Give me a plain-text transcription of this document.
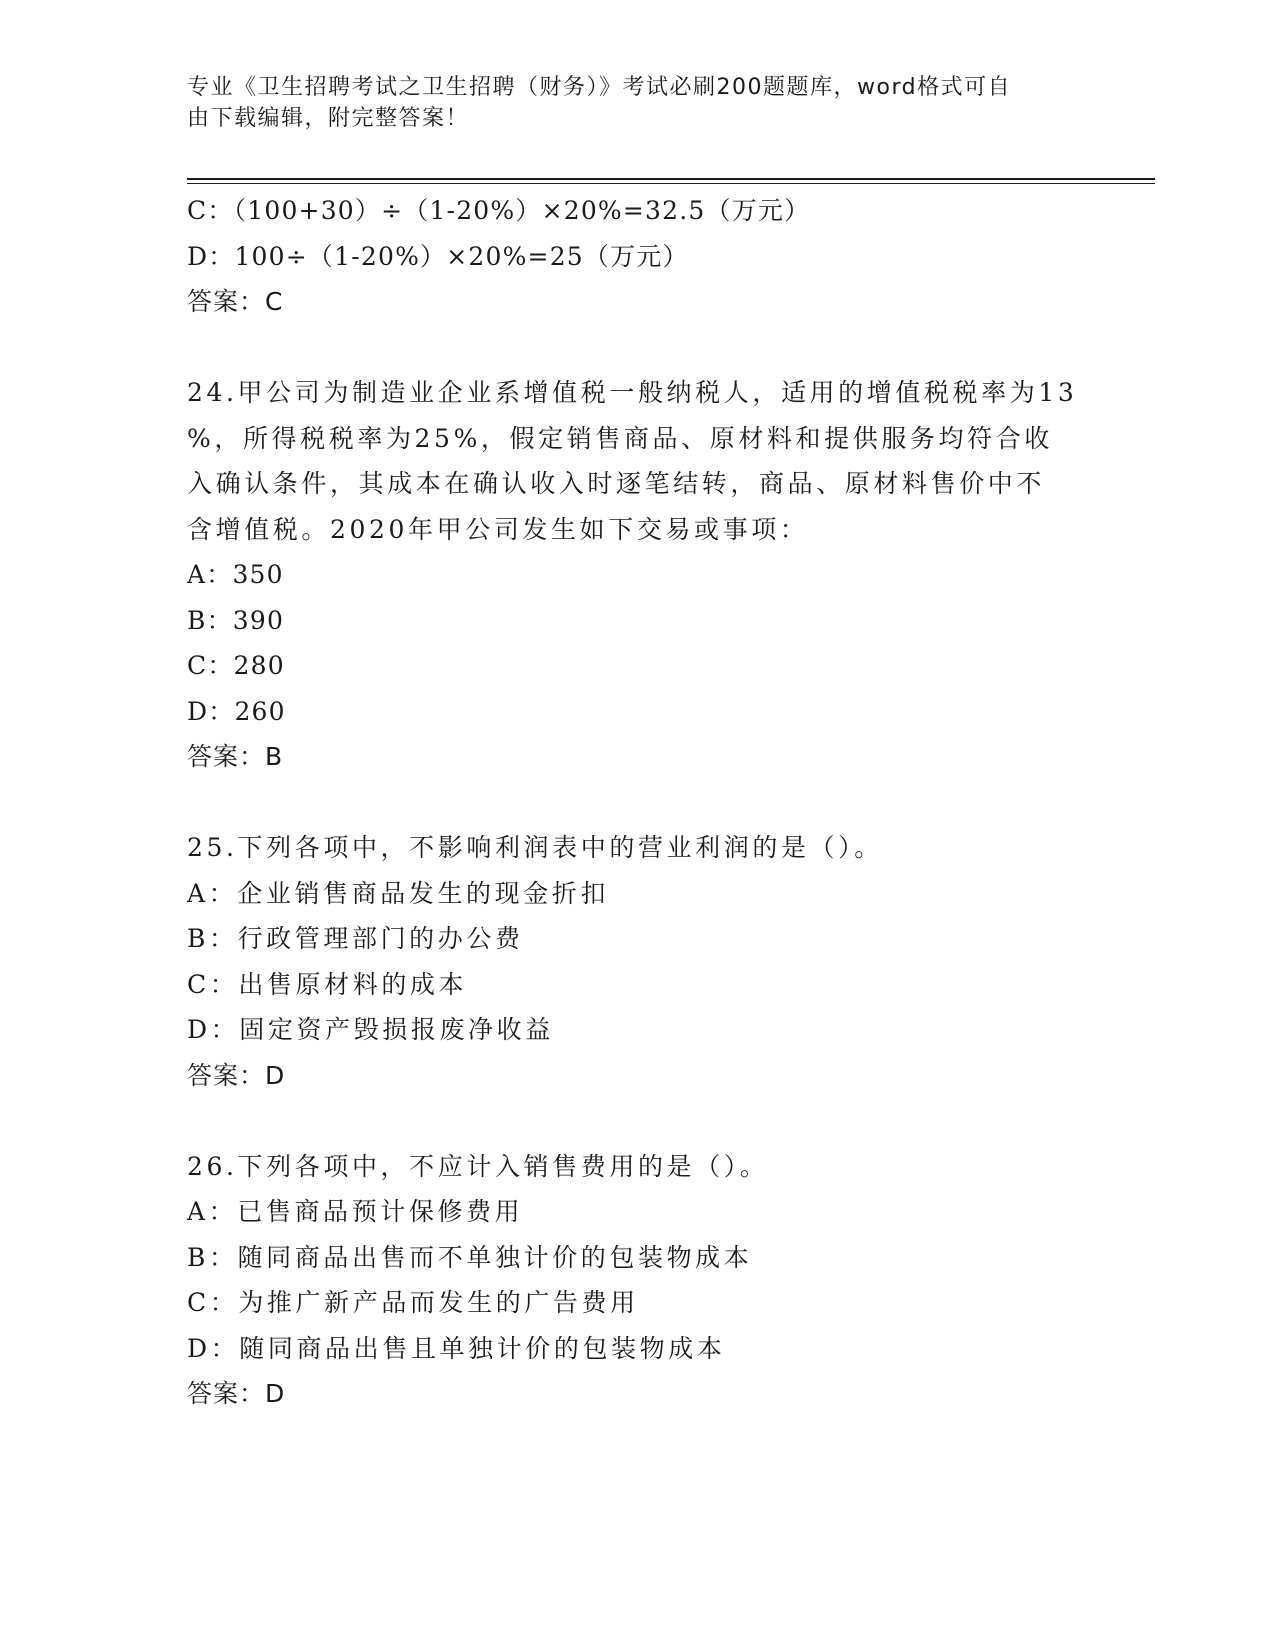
专业《卫生招聘考试之卫生招聘（财务）》考试必刷200题题库，word格式可自
由下载编辑，附完整答案！
C：（100+30）÷（1-20%）×20%=32.5（万元）
D：100÷（1-20%）×20%=25（万元）
答案：C
24.甲公司为制造业企业系增值税一般纳税人，适用的增值税税率为13
%，所得税税率为25%，假定销售商品、原材料和提供服务均符合收
入确认条件，其成本在确认收入时逐笔结转，商品、原材料售价中不
含增值税。2020年甲公司发生如下交易或事项：
A：350
B：390
C：280
D：260
答案：B
25.下列各项中，不影响利润表中的营业利润的是（）。
A：企业销售商品发生的现金折扣
B：行政管理部门的办公费
C：出售原材料的成本
D：固定资产毁损报废净收益
答案：D
26.下列各项中，不应计入销售费用的是（）。
A：已售商品预计保修费用
B：随同商品出售而不单独计价的包装物成本
C：为推广新产品而发生的广告费用
D：随同商品出售且单独计价的包装物成本
答案：D
